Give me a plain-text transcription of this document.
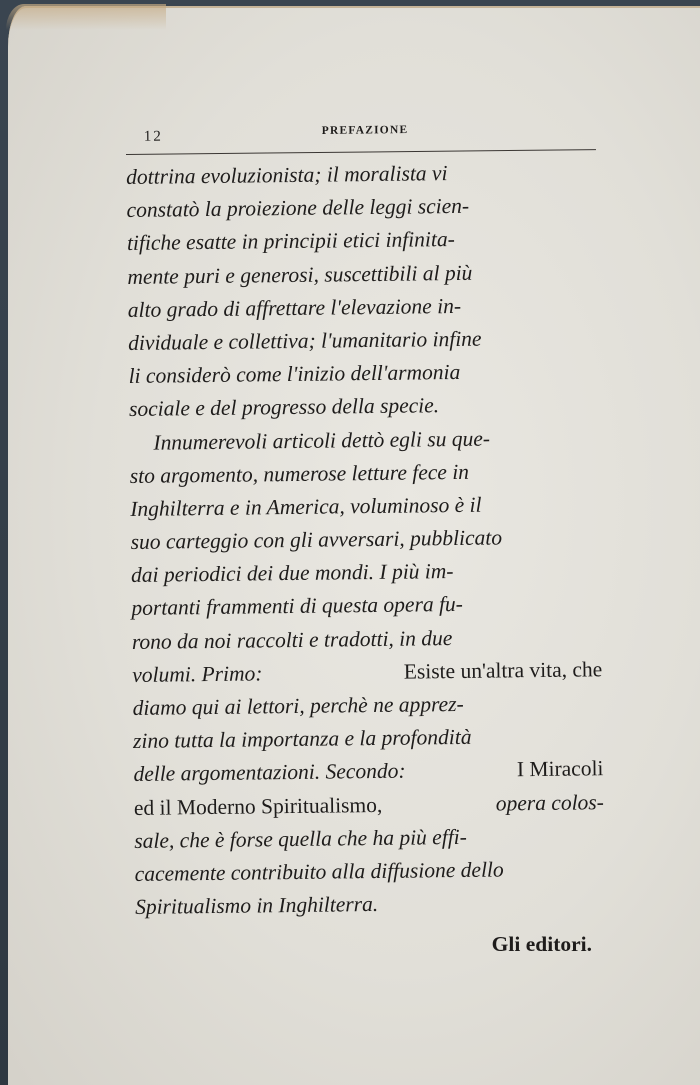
12	PREFAZIONE
dottrina evoluzionista; il moralista vi
constatò la proiezione delle leggi scien-
tifiche esatte in principii etici infinita-
mente puri e generosi, suscettibili al più
alto grado di affrettare l'elevazione in-
dividuale e collettiva; l'umanitario infine
li considerò come l'inizio dell'armonia
sociale e del progresso della specie.
Innumerevoli articoli dettò egli su que-
sto argomento, numerose letture fece in
Inghilterra e in America, voluminoso è il
suo carteggio con gli avversari, pubblicato
dai periodici dei due mondi. I più im-
portanti frammenti di questa opera fu-
rono da noi raccolti e tradotti, in due
volumi. Primo:	Esiste un'altra vita, che
diamo qui ai lettori, perchè ne apprez-
zino tutta la importanza e la profondità
delle argomentazioni. Secondo:	I Miracoli
ed il Moderno Spiritualismo,	opera colos-
sale, che è forse quella che ha più effi-
cacemente contribuito alla diffusione dello
Spiritualismo in Inghilterra.
Gli editori.
